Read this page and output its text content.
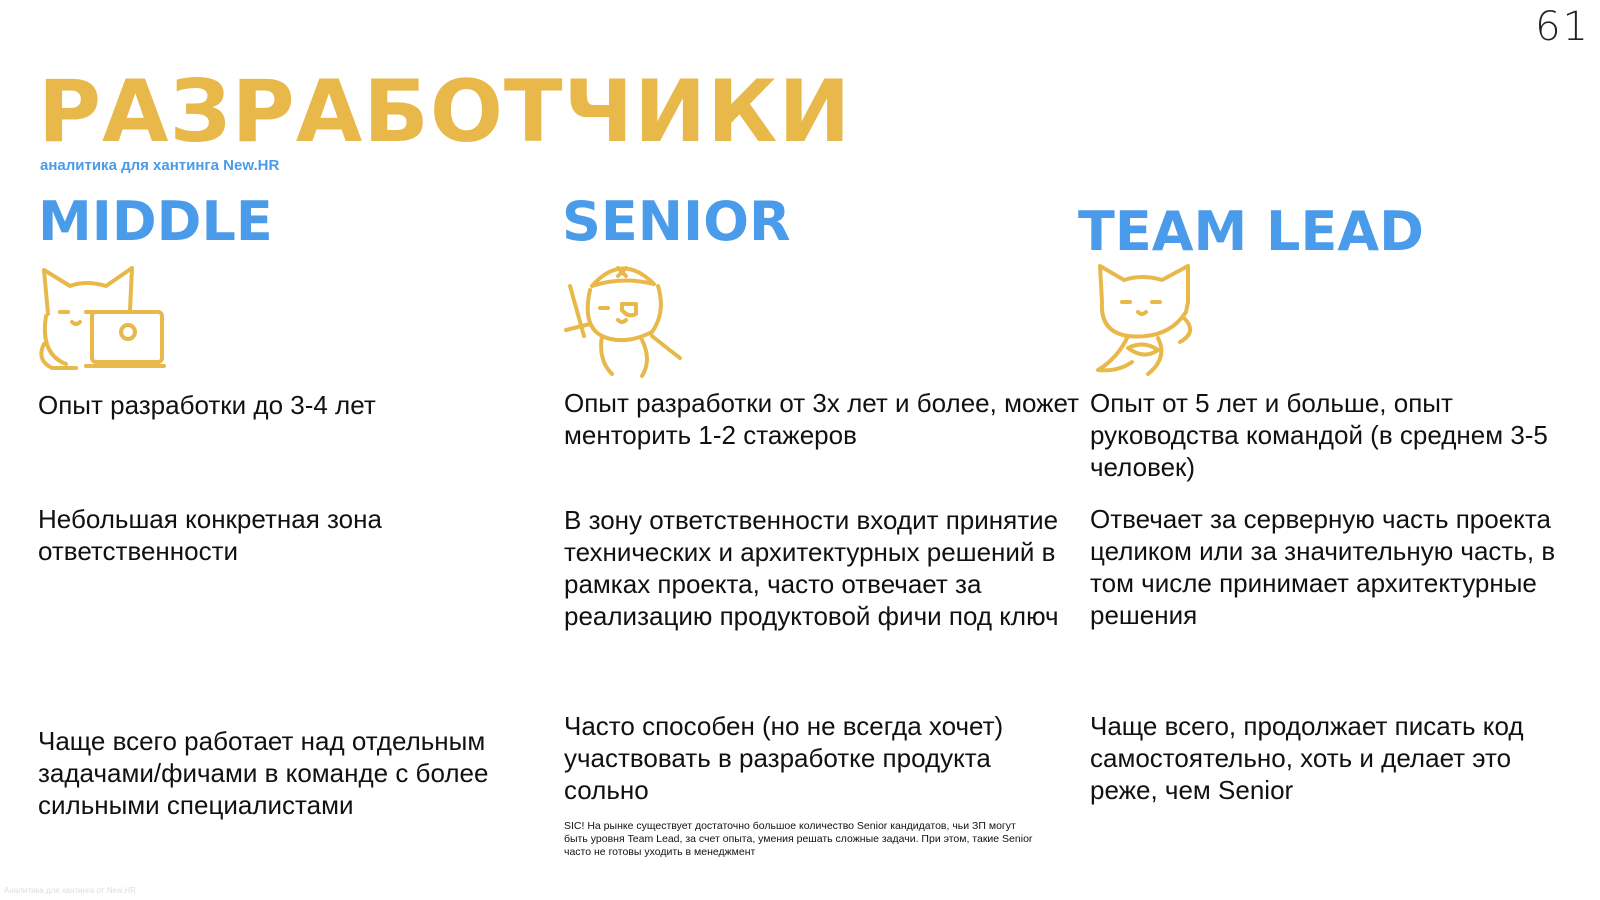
61
РАЗРАБОТЧИКИ
аналитика для хантинга New.HR
MIDDLE
Опыт разработки до 3-4 лет
Небольшая конкретная зона ответственности
Чаще всего работает над отдельным задачами/фичами в команде с более сильными специалистами
SENIOR
Опыт разработки от 3х лет и более, может менторить 1-2 стажеров
В зону ответственности входит принятие технических и архитектурных решений в рамках проекта, часто отвечает за реализацию продуктовой фичи под ключ
Часто способен (но не всегда хочет) участвовать в разработке продукта сольно
SIC! На рынке существует достаточно большое количество Senior кандидатов, чьи ЗП могут быть уровня Team Lead, за счет опыта, умения решать сложные задачи. При этом, такие Senior часто не готовы уходить в менеджмент
TEAM LEAD
Опыт от 5 лет и больше, опыт руководства командой (в среднем 3-5 человек)
Отвечает за серверную часть проекта целиком или за значительную часть, в том числе принимает архитектурные решения
Чаще всего, продолжает писать код самостоятельно, хоть и делает это реже, чем Senior
Аналитика для хантинга от New.HR
